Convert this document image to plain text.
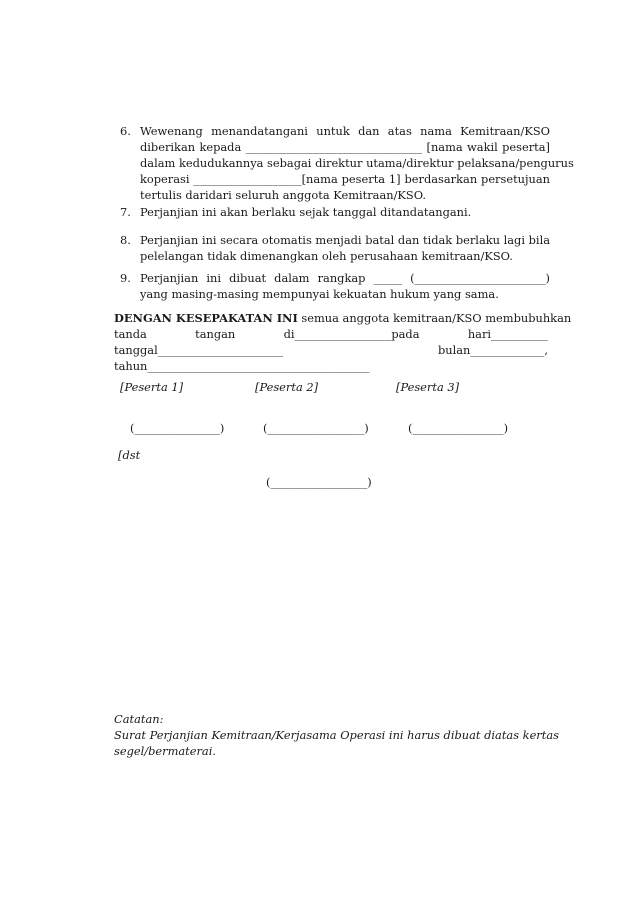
6. Wewenang menandatangani untuk dan atas nama Kemitraan/KSO
diberikan kepada _______________________________ [nama wakil peserta]
dalam kedudukannya sebagai direktur utama/direktur pelaksana/pengurus
koperasi ___________________[nama peserta 1] berdasarkan persetujuan
tertulis daridari seluruh anggota Kemitraan/KSO.
7. Perjanjian ini akan berlaku sejak tanggal ditandatangani.
8. Perjanjian ini secara otomatis menjadi batal dan tidak berlaku lagi bila
pelelangan tidak dimenangkan oleh perusahaan kemitraan/KSO.
9. Perjanjian ini dibuat dalam rangkap _____ (_______________________)
yang masing-masing mempunyai kekuatan hukum yang sama.
DENGAN KESEPAKATAN INI semua anggota kemitraan/KSO membubuhkan
tanda tangan di_________________pada hari__________
tanggal______________________	bulan_____________,
tahun_______________________________________
[Peserta 1]	[Peserta 2]	[Peserta 3]
(_______________)	(_________________)	(________________)
[dst
(_________________)
Catatan:
Surat Perjanjian Kemitraan/Kerjasama Operasi ini harus dibuat diatas kertas
segel/bermaterai.
